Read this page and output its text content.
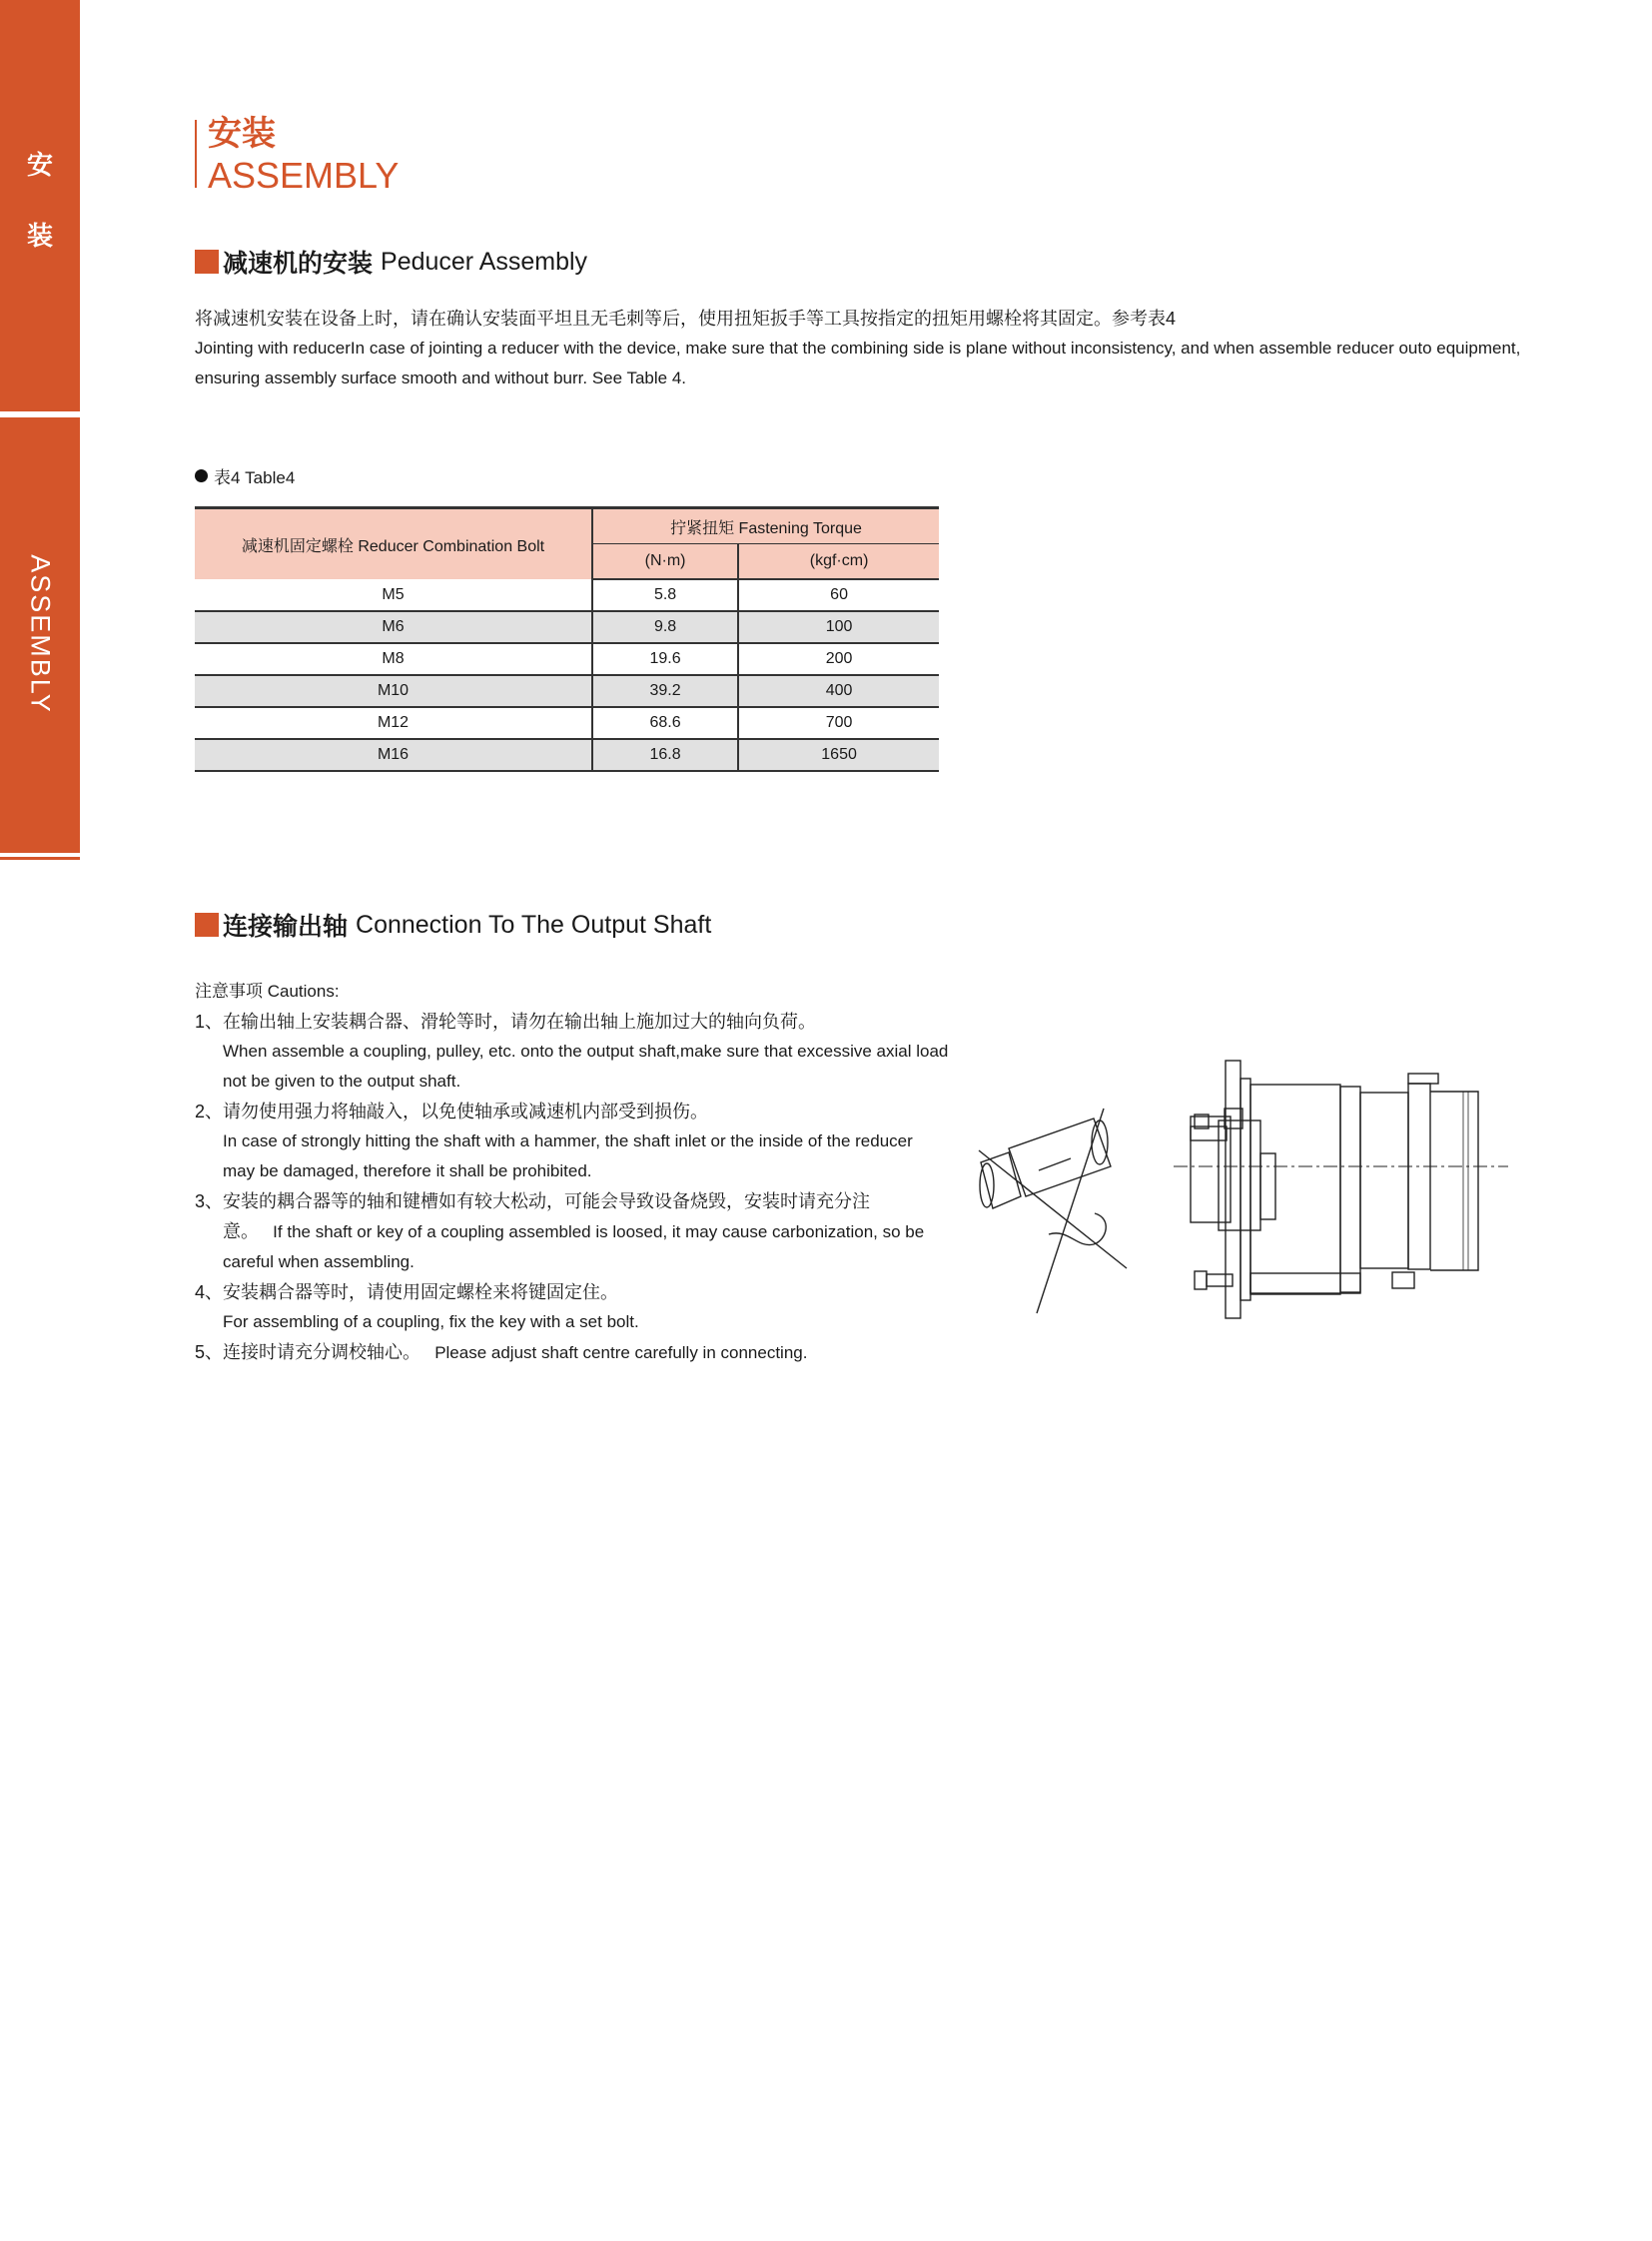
安
装
ASSEMBLY
安装
ASSEMBLY
减速机的安装 Peducer Assembly
将减速机安装在设备上时，请在确认安装面平坦且无毛刺等后，使用扭矩扳手等工具按指定的扭矩用螺栓将其固定。参考表4
Jointing with reducerIn case of jointing a reducer with the device, make sure that the combining side is plane without inconsistency, and when assemble reducer outo equipment,
ensuring assembly surface smooth and without burr. See Table 4.
表4 Table4
减速机固定螺栓 Reducer Combination Bolt	拧紧扭矩 Fastening Torque	
	(N·m)	(kgf·cm)
M5	5.8	60
M6	9.8	100
M8	19.6	200
M10	39.2	400
M12	68.6	700
M16	16.8	1650
连接输出轴 Connection To The Output Shaft
注意事项 Cautions:
1、在输出轴上安装耦合器、滑轮等时，请勿在输出轴上施加过大的轴向负荷。
When assemble a coupling, pulley, etc. onto the output shaft,make sure that excessive axial load
not be given to the output shaft.
2、请勿使用强力将轴敲入，以免使轴承或减速机内部受到损伤。
In case of strongly hitting the shaft with a hammer, the shaft inlet or the inside of the reducer
may be damaged, therefore it shall be prohibited.
3、安装的耦合器等的轴和键槽如有较大松动，可能会导致设备烧毁，安装时请充分注
意。 If the shaft or key of a coupling assembled is loosed, it may cause carbonization, so be
careful when assembling.
4、安装耦合器等时，请使用固定螺栓来将键固定住。
For assembling of a coupling, fix the key with a set bolt.
5、连接时请充分调校轴心。 Please adjust shaft centre carefully in connecting.
